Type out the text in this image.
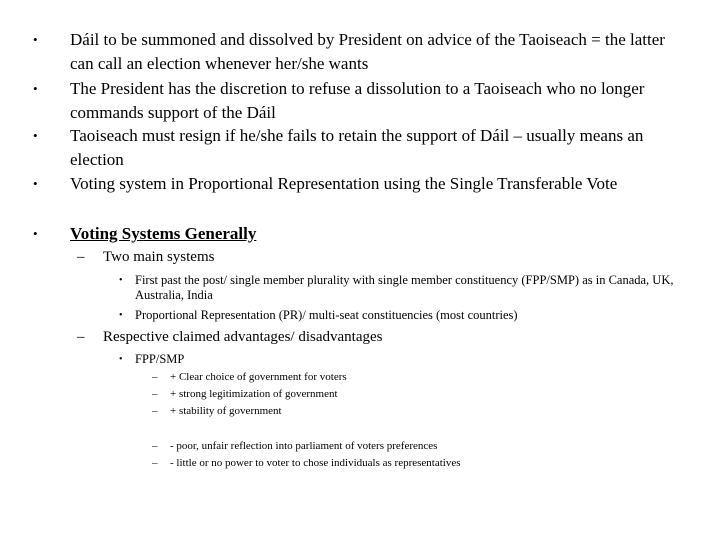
• Dáil to be summoned and dissolved by President on advice of the Taoiseach = the latter can call an election whenever her/she wants
• The President has the discretion to refuse a dissolution to a Taoiseach who no longer commands support of the Dáil
• Taoiseach must resign if he/she fails to retain the support of Dáil – usually means an election
• Voting system in Proportional Representation using the Single Transferable Vote
• Voting Systems Generally
– Two main systems
• First past the post/ single member plurality with single member constituency (FPP/SMP) as in Canada, UK, Australia, India
• Proportional Representation (PR)/ multi-seat constituencies (most countries)
– Respective claimed advantages/ disadvantages
• FPP/SMP
– + Clear choice of government for voters
– + strong legitimization of government
– + stability of government
– - poor, unfair reflection into parliament of voters preferences
– - little or no power to voter to chose individuals as representatives
